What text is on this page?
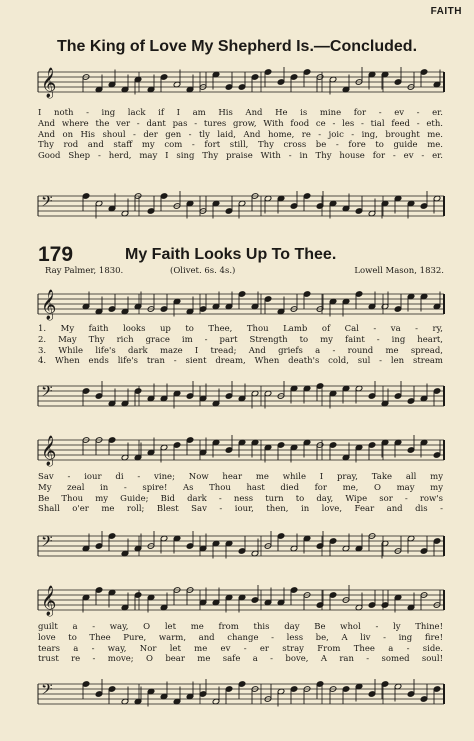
FAITH
The King of Love My Shepherd Is.—Concluded.
𝄞
I noth - ing lack if I am His And He is mine for - ev - er.
And where the ver - dant pas - tures grow, With food ce - les - tial feed - eth.
And on His shoul - der gen - tly laid, And home, re - joic - ing, brought me.
Thy rod and staff my com - fort still, Thy cross be - fore to guide me.
Good Shep - herd, may I sing Thy praise With - in Thy house for - ev - er.
𝄢
179	My Faith Looks Up To Thee.
Ray Palmer, 1830.	(Olivet. 6s. 4s.)	Lowell Mason, 1832.
𝄞
1. My faith looks up to Thee, Thou Lamb of Cal - va - ry,
2. May Thy rich grace im - part Strength to my faint - ing heart,
3. While life's dark maze I tread; And griefs a - round me spread,
4. When ends life's tran - sient dream, When death's cold, sul - len stream
𝄢
𝄞
Sav - iour di - vine; Now hear me while I pray, Take all my
My zeal in - spire! As Thou hast died for me, O may my
Be Thou my Guide; Bid dark - ness turn to day, Wipe sor - row's
Shall o'er me roll; Blest Sav - iour, then, in love, Fear and dis -
𝄢
𝄞
guilt a - way, O let me from this day Be whol - ly Thine!
love to Thee Pure, warm, and change - less be, A liv - ing fire!
tears a - way, Nor let me ev - er stray From Thee a - side.
trust re - move; O bear me safe a - bove, A ran - somed soul!
𝄢
